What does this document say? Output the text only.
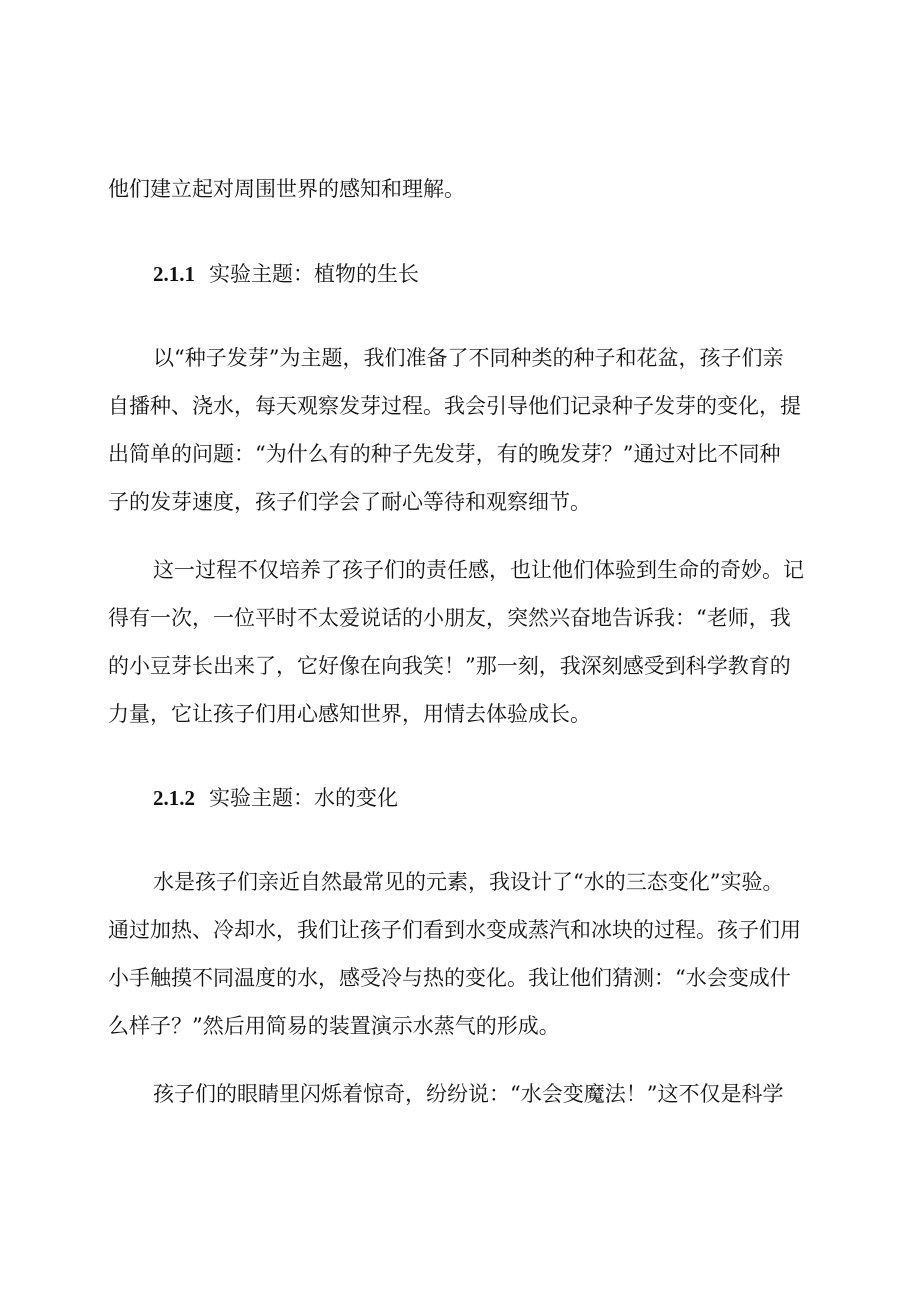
他们建立起对周围世界的感知和理解。
2.1.1 实验主题：植物的生长
以“种子发芽”为主题，我们准备了不同种类的种子和花盆，孩子们亲
自播种、浇水，每天观察发芽过程。我会引导他们记录种子发芽的变化，提
出简单的问题：“为什么有的种子先发芽，有的晚发芽？”通过对比不同种
子的发芽速度，孩子们学会了耐心等待和观察细节。
这一过程不仅培养了孩子们的责任感，也让他们体验到生命的奇妙。记
得有一次，一位平时不太爱说话的小朋友，突然兴奋地告诉我：“老师，我
的小豆芽长出来了，它好像在向我笑！”那一刻，我深刻感受到科学教育的
力量，它让孩子们用心感知世界，用情去体验成长。
2.1.2 实验主题：水的变化
水是孩子们亲近自然最常见的元素，我设计了“水的三态变化”实验。
通过加热、冷却水，我们让孩子们看到水变成蒸汽和冰块的过程。孩子们用
小手触摸不同温度的水，感受冷与热的变化。我让他们猜测：“水会变成什
么样子？”然后用简易的装置演示水蒸气的形成。
孩子们的眼睛里闪烁着惊奇，纷纷说：“水会变魔法！”这不仅是科学
